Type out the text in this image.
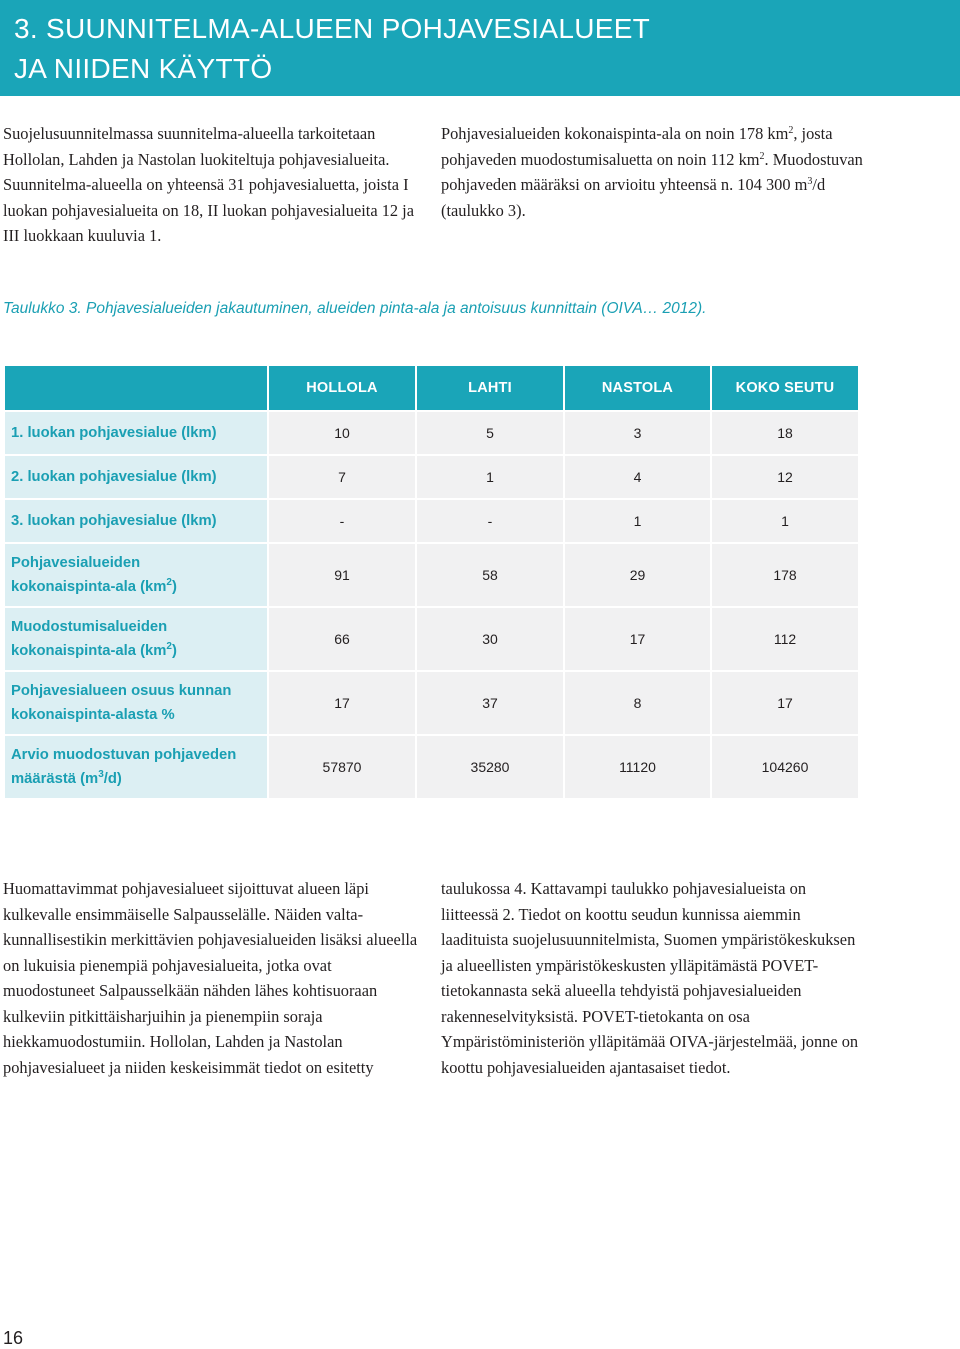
3. SUUNNITELMA-ALUEEN POHJAVESIALUEET
JA NIIDEN KÄYTTÖ

Suojelusuunnitelmassa suunnitelma-alueella tarkoitetaan Hollolan, Lahden ja Nastolan luokiteltuja pohjavesialueita. Suunnitelma-alueella on yhteensä 31 pohjavesialuetta, joista I luokan pohjavesialueita on 18, II luokan pohjavesialueita 12 ja III luokkaan kuuluvia 1.

Pohjavesialueiden kokonaispinta-ala on noin 178 $km^2$, josta pohjaveden muodostumisaluetta on noin 112 $km^2$. Muodostuvan pohjaveden määräksi on arvioitu yhteensä n. 104 300 $m^3/d$ (taulukko 3).

Taulukko 3. Pohjavesialueiden jakautuminen, alueiden pinta-ala ja antoisuus kunnittain (OIVA… 2012).
	HOLLOLA	LAHTI	NASTOLA	KOKO SEUTU
1. luokan pohjavesialue (lkm)	10	5	3	18
2. luokan pohjavesialue (lkm)	7	1	4	12
3. luokan pohjavesialue (lkm)	-	-	1	1
Pohjavesialueiden
kokonaispinta-ala $(km^2)$	91	58	29	178
Muodostumisalueiden
kokonaispinta-ala $(km^2)$	66	30	17	112
Pohjavesialueen osuus kunnan
kokonaispinta-alasta %	17	37	8	17
Arvio muodostuvan pohjaveden
määrästä $(m^3/d)$	57870	35280	11120	104260

Huomattavimmat pohjavesialueet sijoittuvat alueen läpi kulkevalle ensimmäiselle Salpausselälle. Näiden valtakunnallisestikin merkittävien pohjavesialueiden lisäksi alueella on lukuisia pienempiä pohjavesialueita, jotka ovat muodostuneet Salpausselkään nähden lähes kohtisuoraan kulkeviin pitkittäisharjuihin ja pienempiin soraja hiekkamuodostumiin. Hollolan, Lahden ja Nastolan pohjavesialueet ja niiden keskeisimmät tiedot on esitetty

taulukossa 4. Kattavampi taulukko pohjavesialueista on liitteessä 2. Tiedot on koottu seudun kunnissa aiemmin laadituista suojelusuunnitelmista, Suomen ympäristökeskuksen ja alueellisten ympäristökeskusten ylläpitämästä POVET-tietokannasta sekä alueella tehdyistä pohjavesialueiden rakenneselvityksistä. POVET-tietokanta on osa Ympäristöministeriön ylläpitämää OIVA-järjestelmää, jonne on koottu pohjavesialueiden ajantasaiset tiedot.

16
